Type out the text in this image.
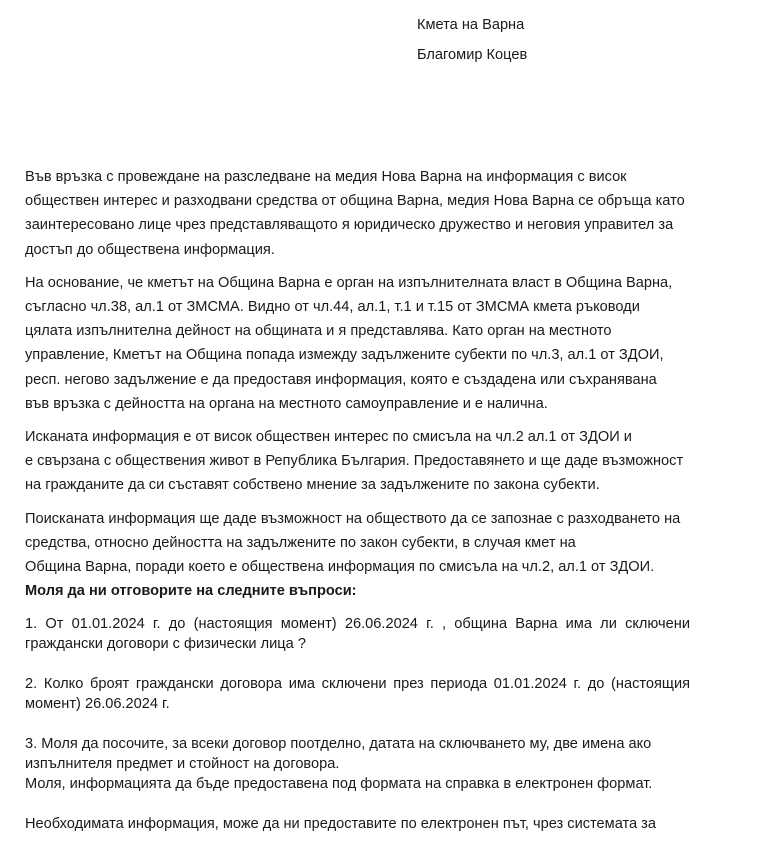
Кмета на Варна
Благомир Коцев

Във връзка с провеждане на разследване на медия Нова Варна на информация с висок
обществен интерес и разходвани средства от община Варна, медия Нова Варна се обръща като
заинтересовано лице чрез представляващото я юридическо дружество и неговия управител за
достъп до обществена информация.

На основание, че кметът на Община Варна е орган на изпълнителната власт в Община Варна,
съгласно чл.38, ал.1 от ЗМСМА. Видно от чл.44, ал.1, т.1 и т.15 от ЗМСМА кмета ръководи
цялата изпълнителна дейност на общината и я представлява. Като орган на местното
управление, Кметът на Община попада измежду задължените субекти по чл.3, ал.1 от ЗДОИ,
респ. негово задължение е да предоставя информация, която е създадена или съхранявана
във връзка с дейността на органа на местното самоуправление и е налична.

Исканата информация е от висок обществен интерес по смисъла на чл.2 ал.1 от ЗДОИ и
е свързана с обществения живот в Република България. Предоставянето и ще даде възможност
на гражданите да си съставят собствено мнение за задължените по закона субекти.

Поисканата информация ще даде възможност на обществото да се запознае с разходването на
средства, относно дейността на задължените по закон субекти, в случая кмет на
Община Варна, поради което е обществена информация по смисъла на чл.2, ал.1 от ЗДОИ.

Моля да ни отговорите на следните въпроси:

1. От 01.01.2024 г. до (настоящия момент) 26.06.2024 г. , община Варна има ли сключени
граждански договори с физически лица ?
2. Колко броят граждански договора има сключени през периода 01.01.2024 г. до (настоящия
момент) 26.06.2024 г.
3. Моля да посочите, за всеки договор поотделно, датата на сключването му, две имена ако
изпълнителя предмет и стойност на договора.
Моля, информацията да бъде предоставена под формата на справка в електронен формат.
Необходимата информация, може да ни предоставите по електронен път, чрез системата за
